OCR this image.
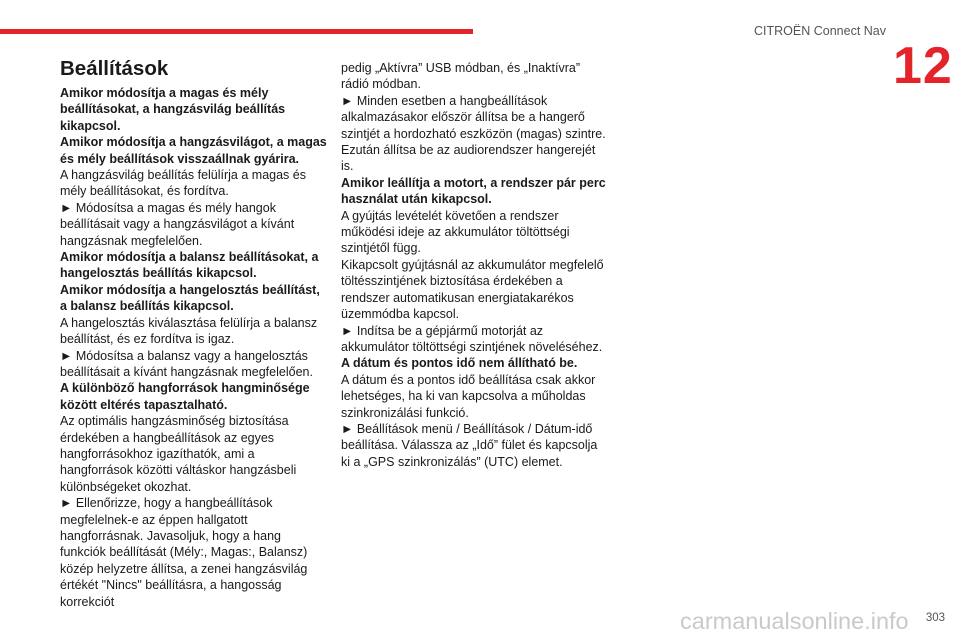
CITROËN Connect Nav
12
Beállítások

Amikor módosítja a magas és mély beállításokat, a hangzásvilág beállítás kikapcsol.

Amikor módosítja a hangzásvilágot, a magas és mély beállítások visszaállnak gyárira.

A hangzásvilág beállítás felülírja a magas és mély beállításokat, és fordítva.

► Módosítsa a magas és mély hangok beállításait vagy a hangzásvilágot a kívánt hangzásnak megfelelően.

Amikor módosítja a balansz beállításokat, a hangelosztás beállítás kikapcsol.

Amikor módosítja a hangelosztás beállítást, a balansz beállítás kikapcsol.

A hangelosztás kiválasztása felülírja a balansz beállítást, és ez fordítva is igaz.

► Módosítsa a balansz vagy a hangelosztás beállításait a kívánt hangzásnak megfelelően.

A különböző hangforrások hangminősége között eltérés tapasztalható.

Az optimális hangzásminőség biztosítása érdekében a hangbeállítások az egyes hangforrásokhoz igazíthatók, ami a hangforrások közötti váltáskor hangzásbeli különbségeket okozhat.

► Ellenőrizze, hogy a hangbeállítások megfelelnek-e az éppen hallgatott hangforrásnak. Javasoljuk, hogy a hang funkciók beállítását (Mély:, Magas:, Balansz) közép helyzetre állítsa, a zenei hangzásvilág értékét "Nincs" beállításra, a hangosság korrekciót

pedig „Aktívra” USB módban, és „Inaktívra” rádió módban.

► Minden esetben a hangbeállítások alkalmazásakor először állítsa be a hangerő szintjét a hordozható eszközön (magas) szintre. Ezután állítsa be az audiorendszer hangerejét is.

Amikor leállítja a motort, a rendszer pár perc használat után kikapcsol.

A gyújtás levételét követően a rendszer működési ideje az akkumulátor töltöttségi szintjétől függ.

Kikapcsolt gyújtásnál az akkumulátor megfelelő töltésszintjének biztosítása érdekében a rendszer automatikusan energiatakarékos üzemmódba kapcsol.

► Indítsa be a gépjármű motorját az akkumulátor töltöttségi szintjének növeléséhez.

A dátum és pontos idő nem állítható be.

A dátum és a pontos idő beállítása csak akkor lehetséges, ha ki van kapcsolva a műholdas szinkronizálási funkció.

► Beállítások menü / Beállítások / Dátum-idő beállítása. Válassza az „Idő” fület és kapcsolja ki a „GPS szinkronizálás” (UTC) elemet.

303
carmanualsonline.info
